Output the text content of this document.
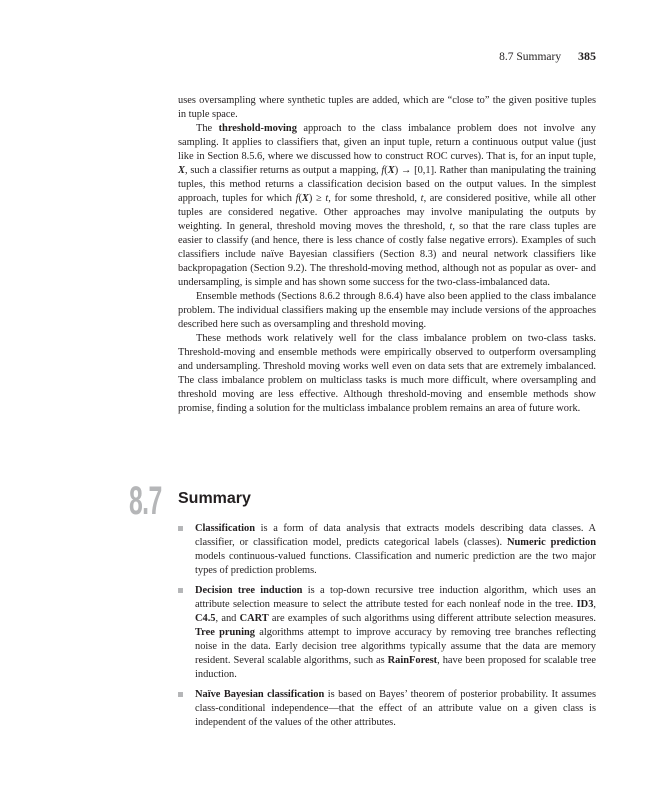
8.7 Summary 385

uses oversampling where synthetic tuples are added, which are “close to” the given positive tuples in tuple space.

The threshold-moving approach to the class imbalance problem does not involve any sampling. It applies to classifiers that, given an input tuple, return a continuous output value (just like in Section 8.5.6, where we discussed how to construct ROC curves). That is, for an input tuple, X, such a classifier returns as output a mapping, f(X) → [0,1]. Rather than manipulating the training tuples, this method returns a classification decision based on the output values. In the simplest approach, tuples for which f(X) ≥ t, for some threshold, t, are considered positive, while all other tuples are considered negative. Other approaches may involve manipulating the outputs by weighting. In general, threshold moving moves the threshold, t, so that the rare class tuples are easier to classify (and hence, there is less chance of costly false negative errors). Examples of such classifiers include naïve Bayesian classifiers (Section 8.3) and neural network classifiers like backpropagation (Section 9.2). The threshold-moving method, although not as popular as over- and undersampling, is simple and has shown some success for the two-class-imbalanced data.

Ensemble methods (Sections 8.6.2 through 8.6.4) have also been applied to the class imbalance problem. The individual classifiers making up the ensemble may include versions of the approaches described here such as oversampling and threshold moving.

These methods work relatively well for the class imbalance problem on two-class tasks. Threshold-moving and ensemble methods were empirically observed to outperform oversampling and undersampling. Threshold moving works well even on data sets that are extremely imbalanced. The class imbalance problem on multiclass tasks is much more difficult, where oversampling and threshold moving are less effective. Although threshold-moving and ensemble methods show promise, finding a solution for the multiclass imbalance problem remains an area of future work.

8.7 Summary

Classification is a form of data analysis that extracts models describing data classes. A classifier, or classification model, predicts categorical labels (classes). Numeric prediction models continuous-valued functions. Classification and numeric prediction are the two major types of prediction problems.

Decision tree induction is a top-down recursive tree induction algorithm, which uses an attribute selection measure to select the attribute tested for each nonleaf node in the tree. ID3, C4.5, and CART are examples of such algorithms using different attribute selection measures. Tree pruning algorithms attempt to improve accuracy by removing tree branches reflecting noise in the data. Early decision tree algorithms typically assume that the data are memory resident. Several scalable algorithms, such as RainForest, have been proposed for scalable tree induction.

Naïve Bayesian classification is based on Bayes’ theorem of posterior probability. It assumes class-conditional independence—that the effect of an attribute value on a given class is independent of the values of the other attributes.
